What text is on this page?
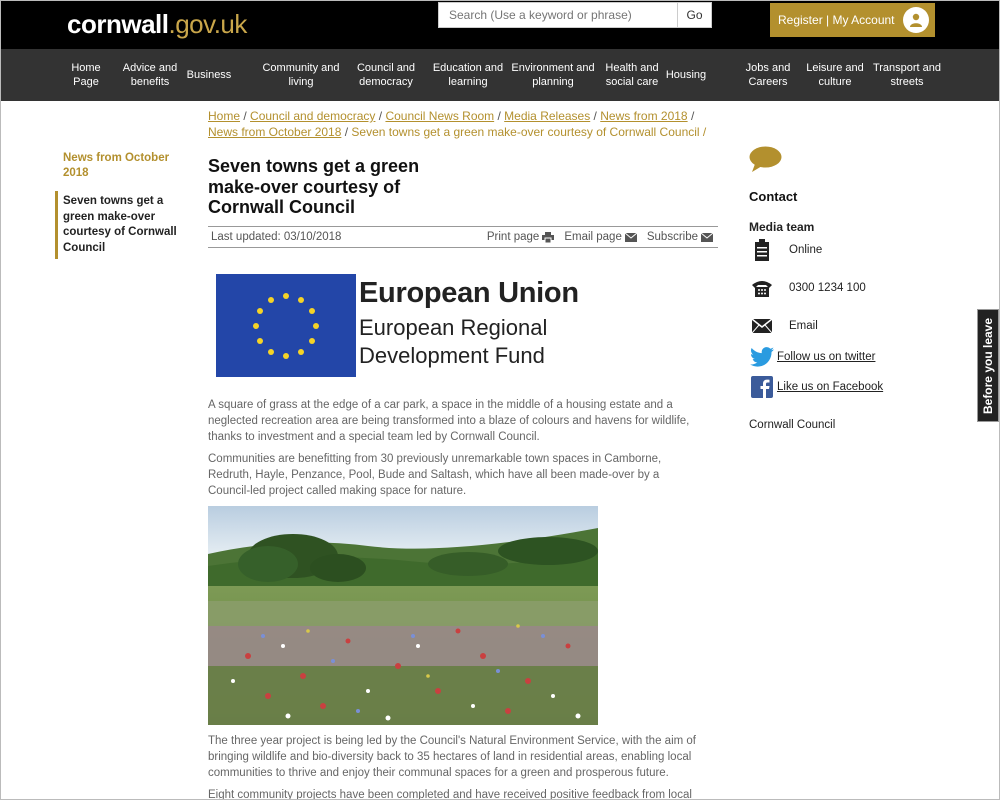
cornwall.gov.uk
Search (Use a keyword or phrase)	Go	Register | My Account
Home Page
Advice and benefits
Business
Community and living
Council and democracy
Education and learning
Environment and planning
Health and social care
Housing
Jobs and Careers
Leisure and culture
Transport and streets
Home / Council and democracy / Council News Room / Media Releases / News from 2018 / News from October 2018 / Seven towns get a green make-over courtesy of Cornwall Council /
News from October 2018
Seven towns get a green make-over courtesy of Cornwall Council
Seven towns get a green make-over courtesy of Cornwall Council
Last updated: 03/10/2018	Print page Email page Subscribe
European Union
European Regional
Development Fund

A square of grass at the edge of a car park, a space in the middle of a housing estate and a neglected recreation area are being transformed into a blaze of colours and havens for wildlife, thanks to investment and a special team led by Cornwall Council.

Communities are benefitting from 30 previously unremarkable town spaces in Camborne, Redruth, Hayle, Penzance, Pool, Bude and Saltash, which have all been made-over by a Council-led project called making space for nature.

The three year project is being led by the Council's Natural Environment Service, with the aim of bringing wildlife and bio-diversity back to 35 hectares of land in residential areas, enabling local communities to thrive and enjoy their communal spaces for a green and prosperous future.

Eight community projects have been completed and have received positive feedback from local

Contact
Media team
Online
0300 1234 100
Email
Follow us on twitter
Like us on Facebook
Cornwall Council
Before you leave
